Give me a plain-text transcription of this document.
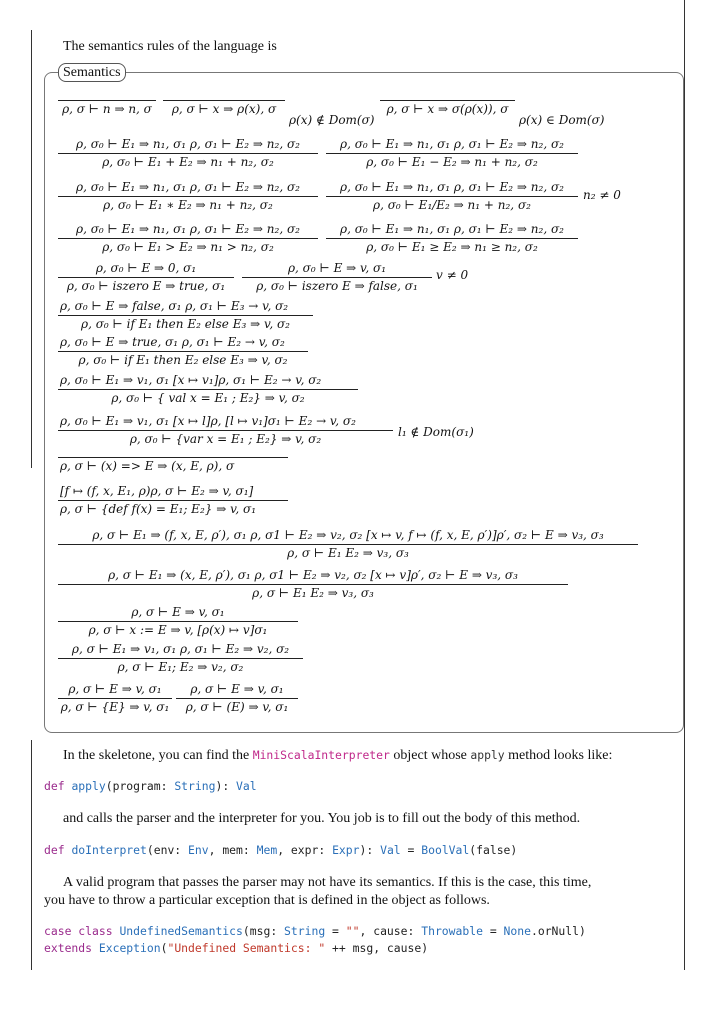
The semantics rules of the language is
Semantics
ρ, σ ⊢ n ⇒ n, σ	ρ, σ ⊢ x ⇒ ρ(x), σ
ρ(x) ∉ Dom(σ)
ρ, σ ⊢ x ⇒ σ(ρ(x)), σ
ρ(x) ∈ Dom(σ)
ρ, σ₀ ⊢ E₁ ⇒ n₁, σ₁ ρ, σ₁ ⊢ E₂ ⇒ n₂, σ₂
ρ, σ₀ ⊢ E₁ + E₂ ⇒ n₁ + n₂, σ₂
ρ, σ₀ ⊢ E₁ ⇒ n₁, σ₁ ρ, σ₁ ⊢ E₂ ⇒ n₂, σ₂
ρ, σ₀ ⊢ E₁ − E₂ ⇒ n₁ + n₂, σ₂
ρ, σ₀ ⊢ E₁ ⇒ n₁, σ₁ ρ, σ₁ ⊢ E₂ ⇒ n₂, σ₂
ρ, σ₀ ⊢ E₁ ∗ E₂ ⇒ n₁ + n₂, σ₂
ρ, σ₀ ⊢ E₁ ⇒ n₁, σ₁ ρ, σ₁ ⊢ E₂ ⇒ n₂, σ₂
ρ, σ₀ ⊢ E₁/E₂ ⇒ n₁ + n₂, σ₂
n₂ ≠ 0
ρ, σ₀ ⊢ E₁ ⇒ n₁, σ₁ ρ, σ₁ ⊢ E₂ ⇒ n₂, σ₂
ρ, σ₀ ⊢ E₁ > E₂ ⇒ n₁ > n₂, σ₂
ρ, σ₀ ⊢ E₁ ⇒ n₁, σ₁ ρ, σ₁ ⊢ E₂ ⇒ n₂, σ₂
ρ, σ₀ ⊢ E₁ ≥ E₂ ⇒ n₁ ≥ n₂, σ₂
ρ, σ₀ ⊢ E ⇒ 0, σ₁
ρ, σ₀ ⊢ iszero E ⇒ true, σ₁
ρ, σ₀ ⊢ E ⇒ v, σ₁
ρ, σ₀ ⊢ iszero E ⇒ false, σ₁
v ≠ 0
ρ, σ₀ ⊢ E ⇒ false, σ₁ ρ, σ₁ ⊢ E₃ → v, σ₂
ρ, σ₀ ⊢ if E₁ then E₂ else E₃ ⇒ v, σ₂
ρ, σ₀ ⊢ E ⇒ true, σ₁ ρ, σ₁ ⊢ E₂ → v, σ₂
ρ, σ₀ ⊢ if E₁ then E₂ else E₃ ⇒ v, σ₂
ρ, σ₀ ⊢ E₁ ⇒ v₁, σ₁ [x ↦ v₁]ρ, σ₁ ⊢ E₂ → v, σ₂
ρ, σ₀ ⊢ { val x = E₁ ; E₂} ⇒ v, σ₂
ρ, σ₀ ⊢ E₁ ⇒ v₁, σ₁ [x ↦ l]ρ, [l ↦ v₁]σ₁ ⊢ E₂ → v, σ₂
ρ, σ₀ ⊢ {var x = E₁ ; E₂} ⇒ v, σ₂	l₁ ∉ Dom(σ₁)
ρ, σ ⊢ (x) => E ⇒ (x, E, ρ), σ
[f ↦ (f, x, E₁, ρ)ρ, σ ⊢ E₂ ⇒ v, σ₁]
ρ, σ ⊢ {def f(x) = E₁; E₂} ⇒ v, σ₁
ρ, σ ⊢ E₁ ⇒ (f, x, E, ρ′), σ₁ ρ, σ1 ⊢ E₂ ⇒ v₂, σ₂ [x ↦ v, f ↦ (f, x, E, ρ′)]ρ′, σ₂ ⊢ E ⇒ v₃, σ₃
ρ, σ ⊢ E₁ E₂ ⇒ v₃, σ₃
ρ, σ ⊢ E₁ ⇒ (x, E, ρ′), σ₁ ρ, σ1 ⊢ E₂ ⇒ v₂, σ₂ [x ↦ v]ρ′, σ₂ ⊢ E ⇒ v₃, σ₃
ρ, σ ⊢ E₁ E₂ ⇒ v₃, σ₃
ρ, σ ⊢ E ⇒ v, σ₁
ρ, σ ⊢ x := E ⇒ v, [ρ(x) ↦ v]σ₁
ρ, σ ⊢ E₁ ⇒ v₁, σ₁ ρ, σ₁ ⊢ E₂ ⇒ v₂, σ₂
ρ, σ ⊢ E₁; E₂ ⇒ v₂, σ₂
ρ, σ ⊢ E ⇒ v, σ₁
ρ, σ ⊢ {E} ⇒ v, σ₁
ρ, σ ⊢ E ⇒ v, σ₁
ρ, σ ⊢ (E) ⇒ v, σ₁
In the skeletone, you can find the MiniScalaInterpreter object whose apply method looks like:
def apply(program: String): Val
and calls the parser and the interpreter for you. You job is to fill out the body of this method.
def doInterpret(env: Env, mem: Mem, expr: Expr): Val = BoolVal(false)
A valid program that passes the parser may not have its semantics. If this is the case, this time,
you have to throw a particular exception that is defined in the object as follows.
case class UndefinedSemantics(msg: String = "", cause: Throwable = None.orNull)
extends Exception("Undefined Semantics: " ++ msg, cause)
